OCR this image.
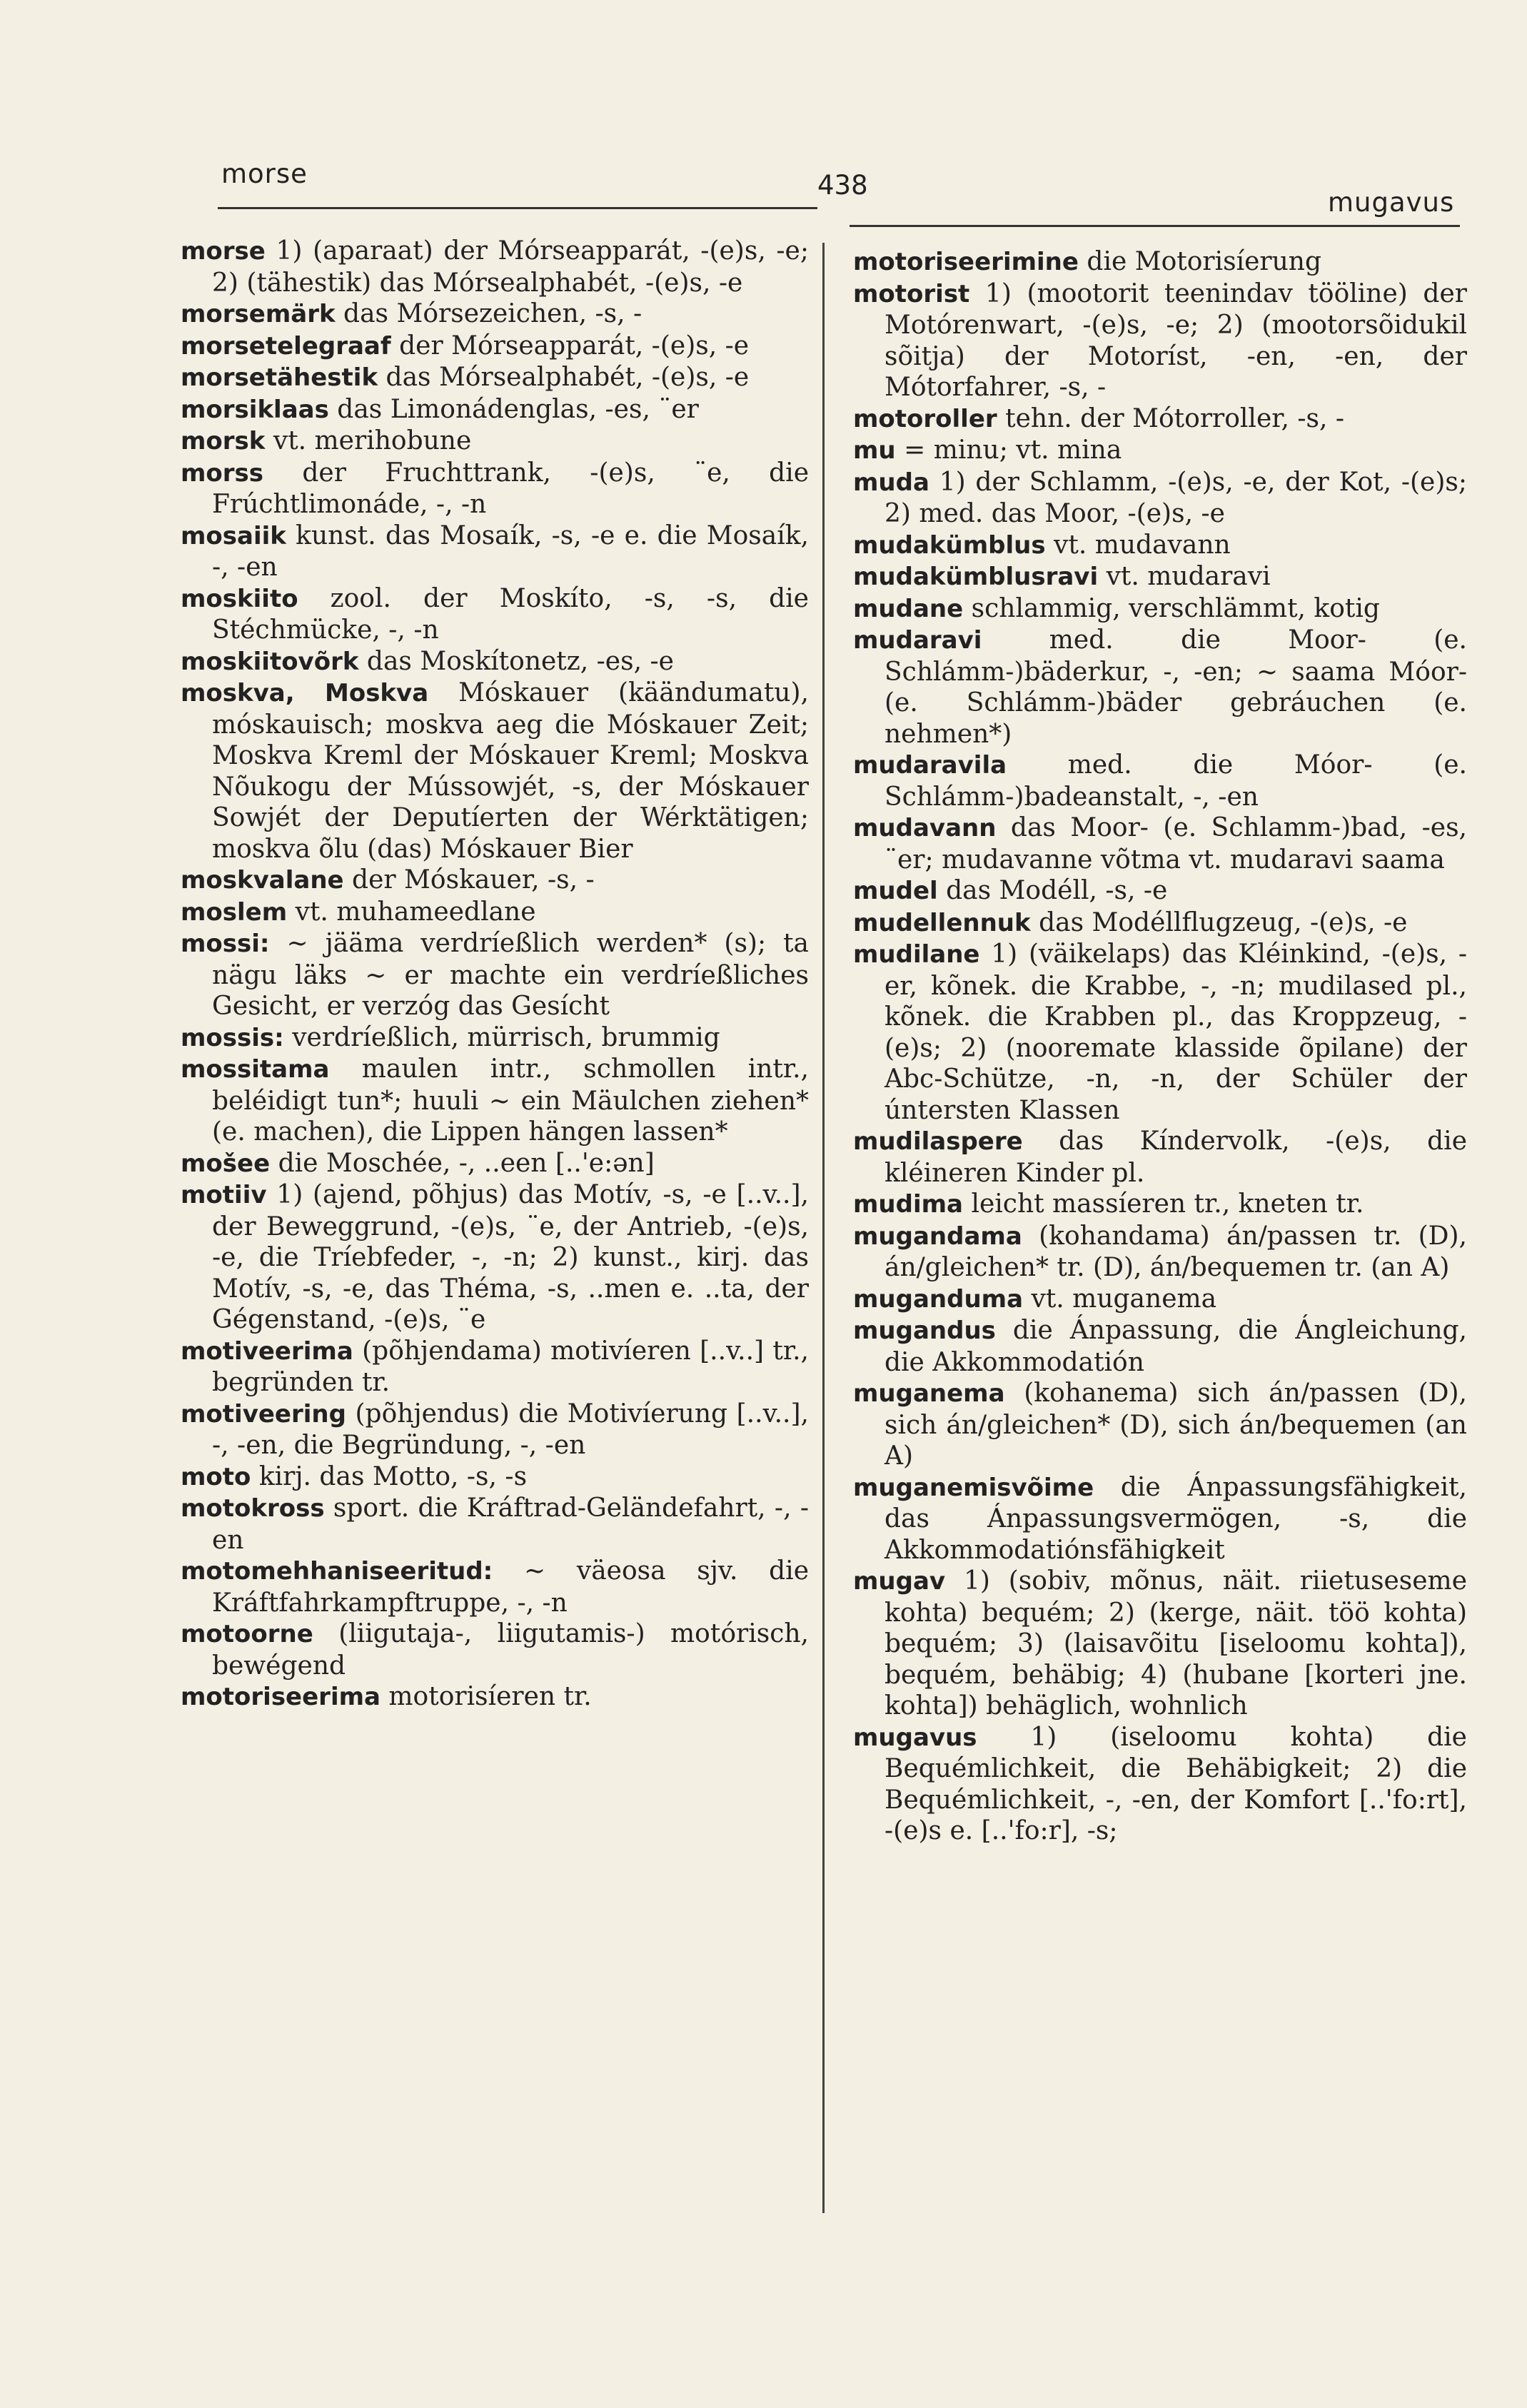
morse	438
mugavus

morse 1) (aparaat) der Mórseapparát, -(e)s, -e; 2) (tähestik) das Mórsealphabét, -(e)s, -e

morsemärk das Mórsezeichen, -s, -

morsetelegraaf der Mórseapparát, -(e)s, -e

morsetähestik das Mórsealphabét, -(e)s, -e

morsiklaas das Limonádenglas, -es, ¨er

morsk vt. merihobune

morss der Fruchttrank, -(e)s, ¨e, die Frúchtlimonáde, -, -n

mosaiik kunst. das Mosaík, -s, -e e. die Mosaík, -, -en

moskiito zool. der Moskíto, -s, -s, die Stéchmücke, -, -n

moskiitovõrk das Moskítonetz, -es, -e

moskva, Moskva Móskauer (käändumatu), móskauisch; moskva aeg die Móskauer Zeit; Moskva Kreml der Móskauer Kreml; Moskva Nõukogu der Mússowjét, -s, der Móskauer Sowjét der Deputíerten der Wérktätigen; moskva õlu (das) Móskauer Bier

moskvalane der Móskauer, -s, -

moslem vt. muhameedlane

mossi: ~ jääma verdríeßlich werden* (s); ta nägu läks ~ er machte ein verdríeßliches Gesicht, er verzóg das Gesícht

mossis: verdríeßlich, mürrisch, brummig

mossitama maulen intr., schmollen intr., beléidigt tun*; huuli ~ ein Mäulchen ziehen* (e. machen), die Lippen hängen lassen*

mošee die Moschée, -, ..een [..'e:ən]

motiiv 1) (ajend, põhjus) das Motív, -s, -e [..v..], der Beweggrund, -(e)s, ¨e, der Antrieb, -(e)s, -e, die Tríebfeder, -, -n; 2) kunst., kirj. das Motív, -s, -e, das Théma, -s, ..men e. ..ta, der Gégenstand, -(e)s, ¨e

motiveerima (põhjendama) motivíeren [..v..] tr., begründen tr.

motiveering (põhjendus) die Motivíerung [..v..], -, -en, die Begründung, -, -en

moto kirj. das Motto, -s, -s

motokross sport. die Kráftrad-Geländefahrt, -, -en

motomehhaniseeritud: ~ väeosa sjv. die Kráftfahrkampftruppe, -, -n

motoorne (liigutaja-, liigutamis-) motórisch, bewégend

motoriseerima motorisíeren tr.

motoriseerimine die Motorisíerung

motorist 1) (mootorit teenindav tööline) der Motórenwart, -(e)s, -e; 2) (mootorsõidukil sõitja) der Motoríst, -en, -en, der Mótorfahrer, -s, -

motoroller tehn. der Mótorroller, -s, -

mu = minu; vt. mina

muda 1) der Schlamm, -(e)s, -e, der Kot, -(e)s; 2) med. das Moor, -(e)s, -e

mudakümblus vt. mudavann

mudakümblusravi vt. mudaravi

mudane schlammig, verschlämmt, kotig

mudaravi med. die Moor- (e. Schlámm-)bäderkur, -, -en; ~ saama Móor- (e. Schlámm-)bäder gebráuchen (e. nehmen*)

mudaravila med. die Móor- (e. Schlámm-)badeanstalt, -, -en

mudavann das Moor- (e. Schlamm-)bad, -es, ¨er; mudavanne võtma vt. mudaravi saama

mudel das Modéll, -s, -e

mudellennuk das Modéllflugzeug, -(e)s, -e

mudilane 1) (väikelaps) das Kléinkind, -(e)s, -er, kõnek. die Krabbe, -, -n; mudilased pl., kõnek. die Krabben pl., das Kroppzeug, -(e)s; 2) (nooremate klasside õpilane) der Abc-Schütze, -n, -n, der Schüler der úntersten Klassen

mudilaspere das Kíndervolk, -(e)s, die kléineren Kinder pl.

mudima leicht massíeren tr., kneten tr.

mugandama (kohandama) án/passen tr. (D), án/gleichen* tr. (D), án/bequemen tr. (an A)

muganduma vt. muganema

mugandus die Ánpassung, die Ángleichung, die Akkommodatión

muganema (kohanema) sich án/passen (D), sich án/gleichen* (D), sich án/bequemen (an A)

muganemisvõime die Ánpassungsfähigkeit, das Ánpassungsvermögen, -s, die Akkommodatiónsfähigkeit

mugav 1) (sobiv, mõnus, näit. riietuseseme kohta) bequém; 2) (kerge, näit. töö kohta) bequém; 3) (laisavõitu [iseloomu kohta]), bequém, behäbig; 4) (hubane [korteri jne. kohta]) behäglich, wohnlich

mugavus 1) (iseloomu kohta) die Bequémlichkeit, die Behäbigkeit; 2) die Bequémlichkeit, -, -en, der Komfort [..'fo:rt], -(e)s e. [..'fo:r], -s;
